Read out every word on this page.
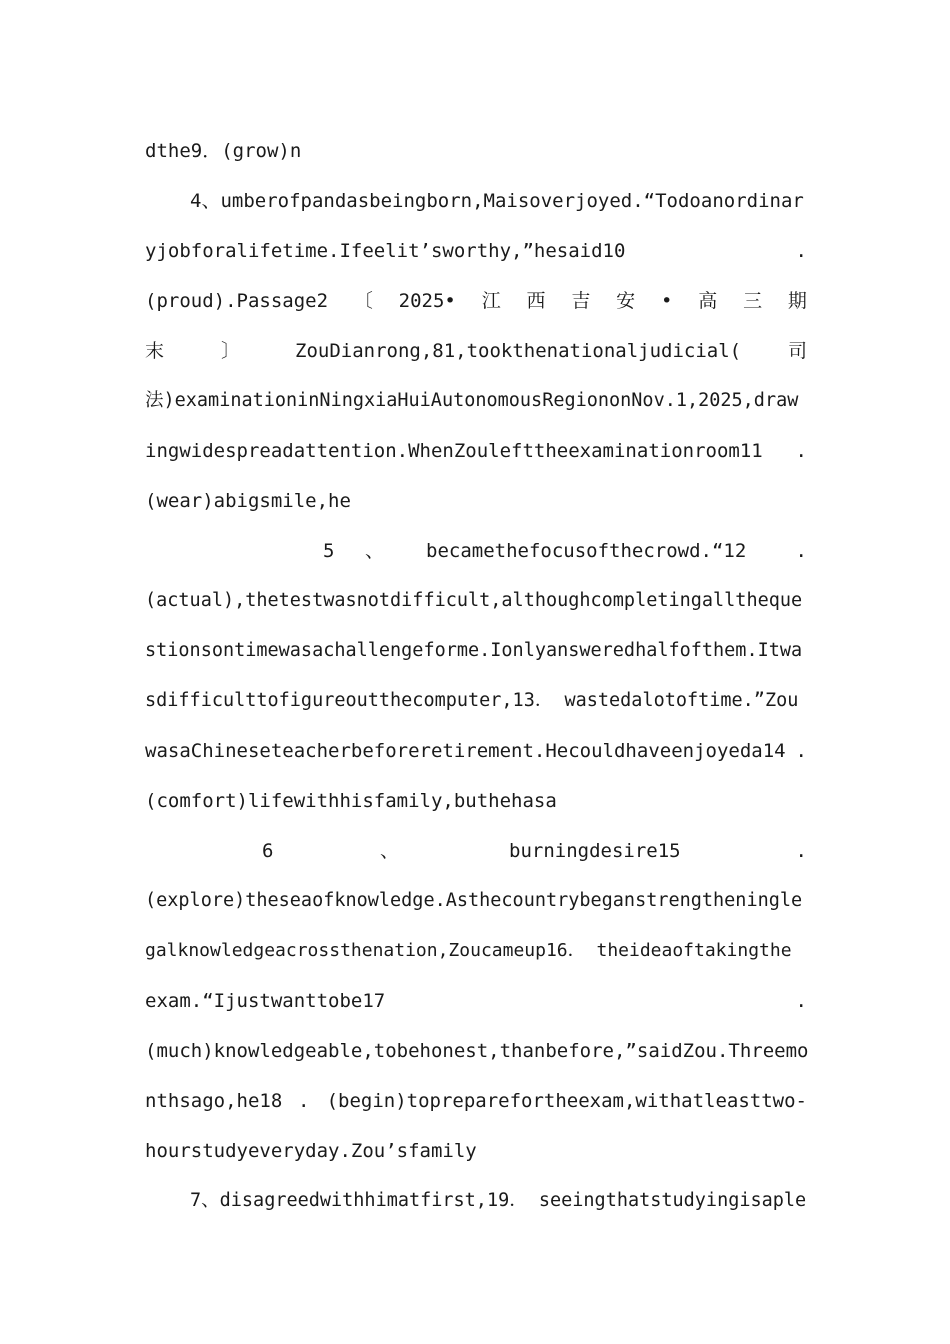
dthe9．(grow)n
4、umberofpandasbeingborn,Maisoverjoyed.“Todoanordinar
yjobforalifetime.Ifeelit’sworthy,”hesaid10	.
(proud).Passage2 〔 2025• 江 西 吉 安 • 高 三 期
末	〕	ZouDianrong,81,tookthenationaljudicial( 司
法)examinationinNingxiaHuiAutonomousRegiononNov.1,2025,draw
ingwidespreadattention.WhenZoulefttheexaminationroom11 .
(wear)abigsmile,he
5 、 becamethefocusofthecrowd.“12	.
(actual),thetestwasnotdifficult,althoughcompletingalltheque
stionsontimewasachallengeforme.Ionlyansweredhalfofthem.Itwa
sdifficulttofigureoutthecomputer,13． wastedalotoftime.”Zou
wasaChineseteacherbeforeretirement.Hecouldhaveenjoyeda14 .
(comfort)lifewithhisfamily,buthehasa
6	、	burningdesire15	.
(explore)theseaofknowledge.Asthecountrybeganstrengtheningle
galknowledgeacrossthenation,Zoucameup16． theideaoftakingthe
exam.“Ijustwanttobe17	.
(much)knowledgeable,tobehonest,thanbefore,”saidZou.Threemo
nthsago,he18 . (begin)topreparefortheexam,withatleasttwo-
hourstudyeveryday.Zou’sfamily
7、disagreedwithhimatfirst,19． seeingthatstudyingisaple
